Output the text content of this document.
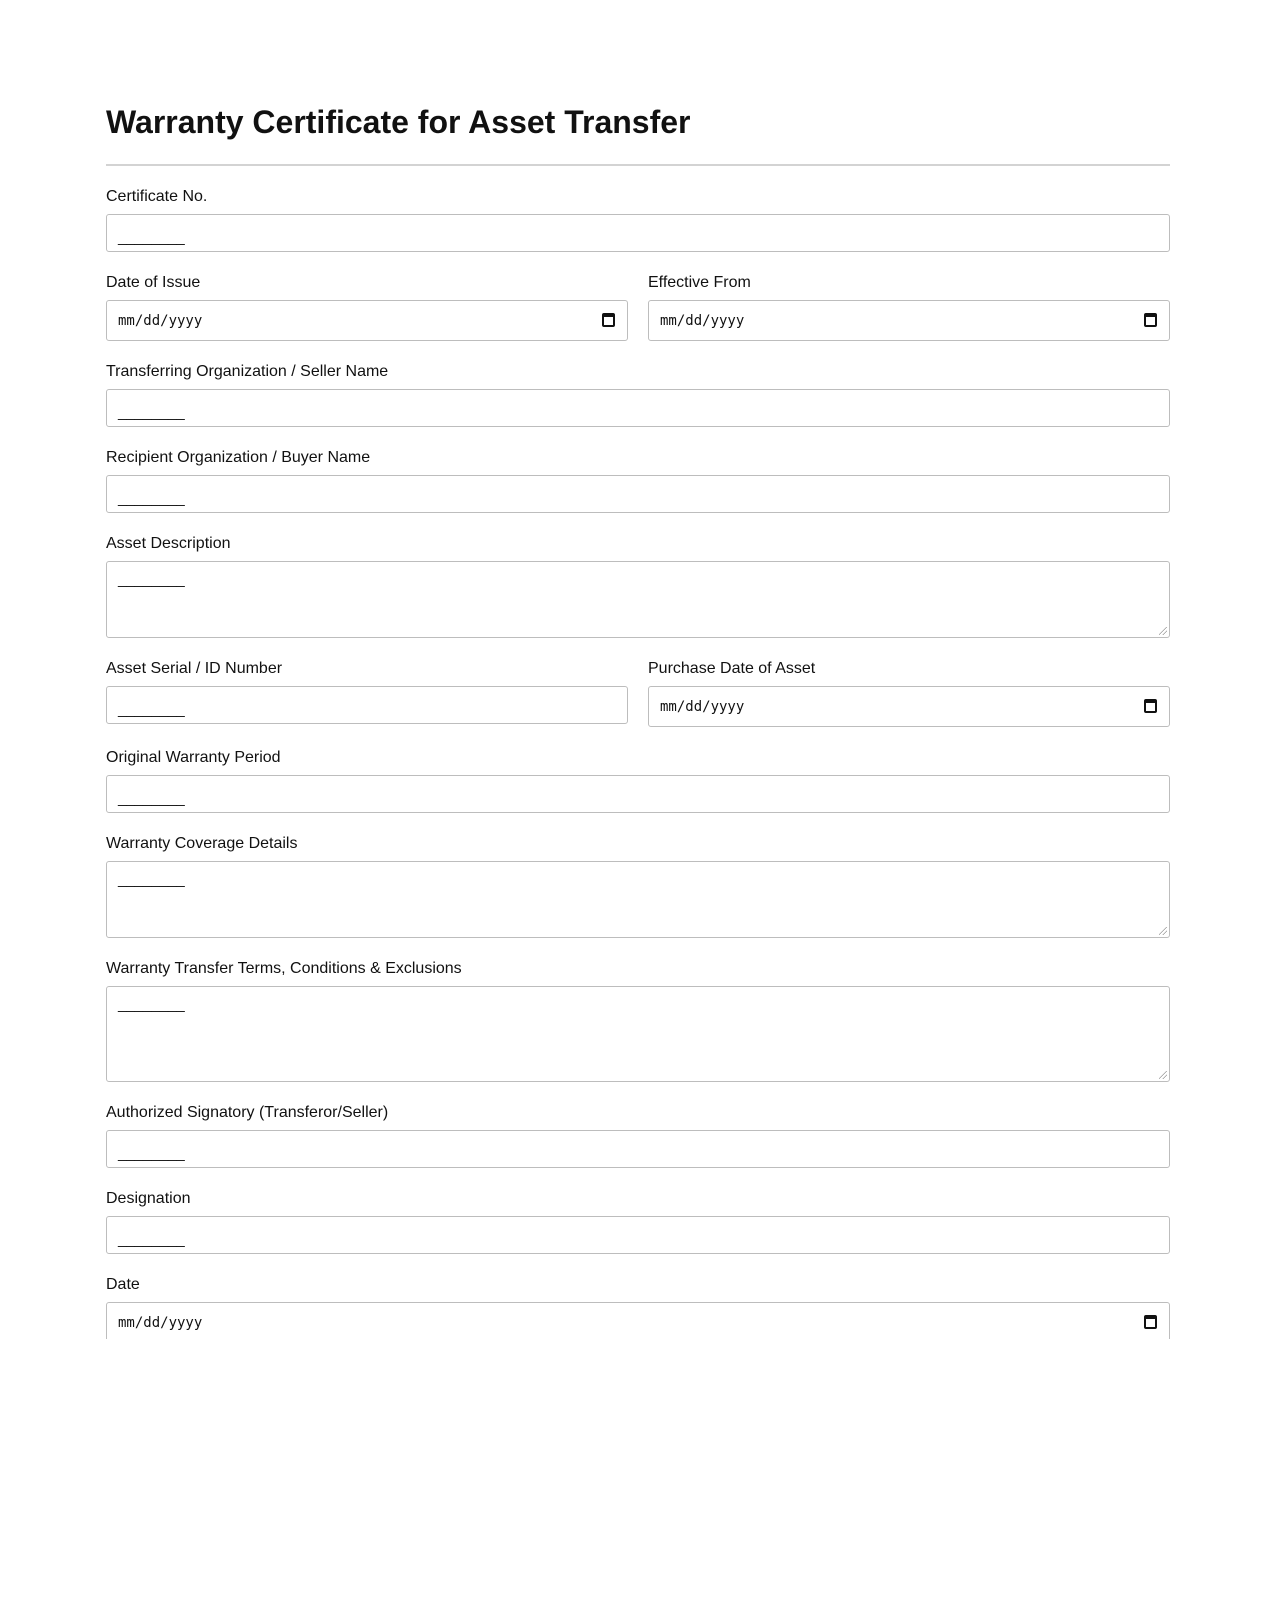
Warranty Certificate for Asset Transfer
Certificate No.
________
Date of Issue
mm/dd/yyyy
Effective From
mm/dd/yyyy
Transferring Organization / Seller Name
________
Recipient Organization / Buyer Name
________
Asset Description
________
Asset Serial / ID Number
________
Purchase Date of Asset
mm/dd/yyyy
Original Warranty Period
________
Warranty Coverage Details
________
Warranty Transfer Terms, Conditions & Exclusions
________
Authorized Signatory (Transferor/Seller)
________
Designation
________
Date
mm/dd/yyyy
